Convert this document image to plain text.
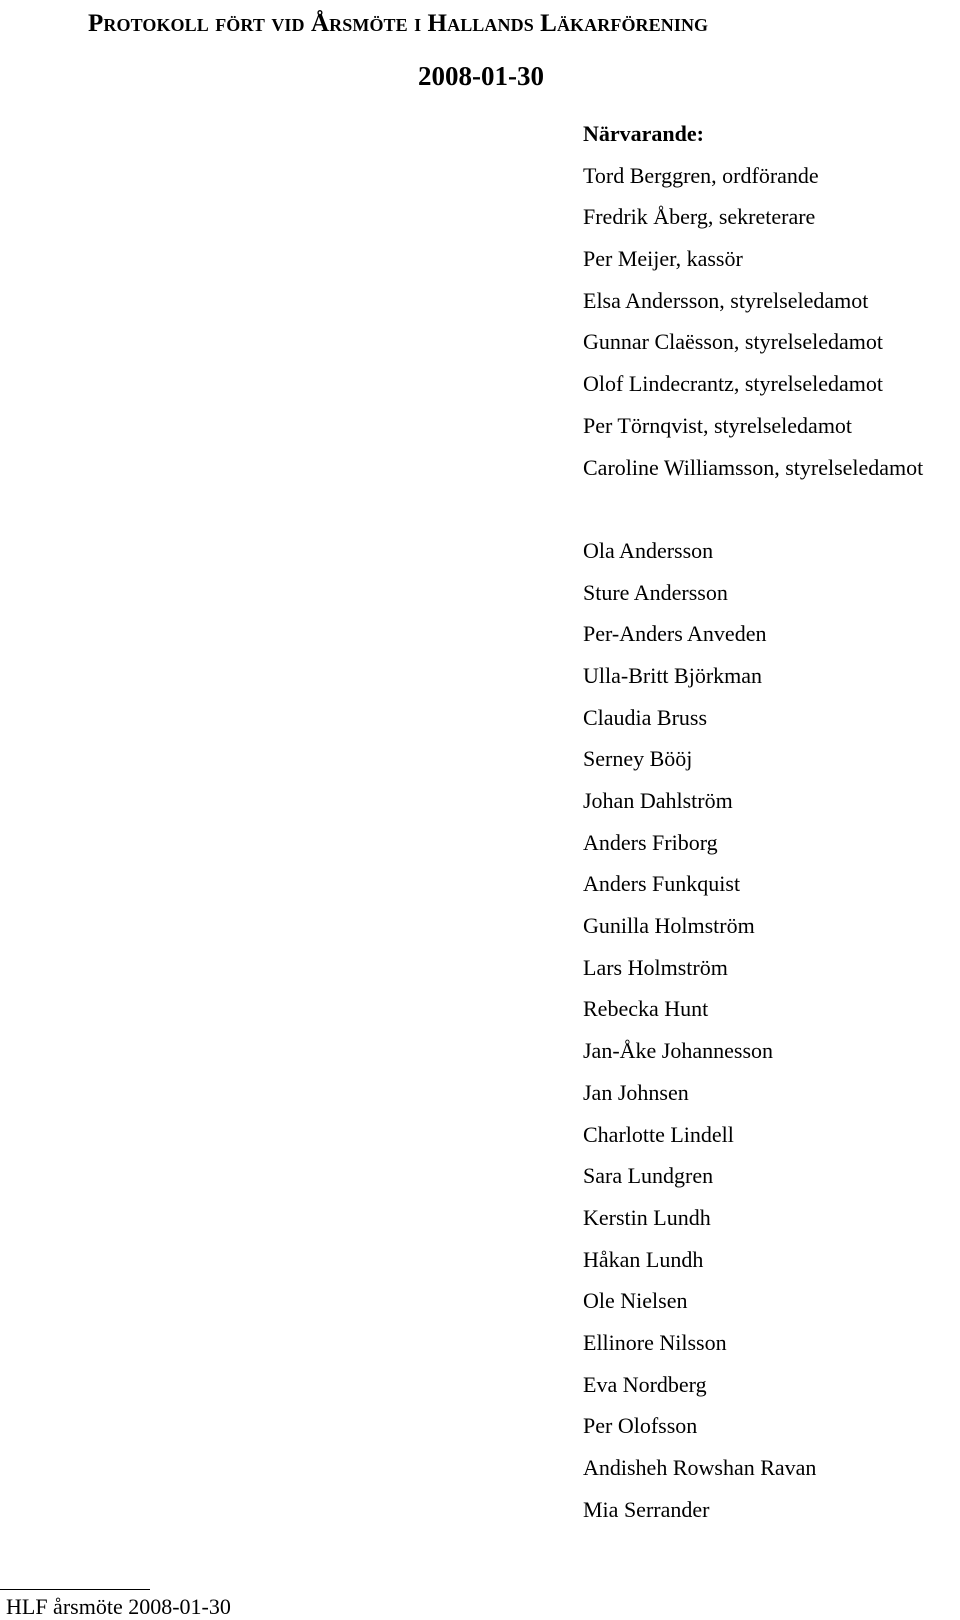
Protokoll fört vid Årsmöte i Hallands Läkarförening
2008-01-30
Närvarande:
Tord Berggren, ordförande
Fredrik Åberg, sekreterare
Per Meijer, kassör
Elsa Andersson, styrelseledamot
Gunnar Claësson, styrelseledamot
Olof Lindecrantz, styrelseledamot
Per Törnqvist, styrelseledamot
Caroline Williamsson, styrelseledamot
Ola Andersson
Sture Andersson
Per-Anders Anveden
Ulla-Britt Björkman
Claudia Bruss
Serney Bööj
Johan Dahlström
Anders Friborg
Anders Funkquist
Gunilla Holmström
Lars Holmström
Rebecka Hunt
Jan-Åke Johannesson
Jan Johnsen
Charlotte Lindell
Sara Lundgren
Kerstin Lundh
Håkan Lundh
Ole Nielsen
Ellinore Nilsson
Eva Nordberg
Per Olofsson
Andisheh Rowshan Ravan
Mia Serrander
HLF årsmöte 2008-01-30
